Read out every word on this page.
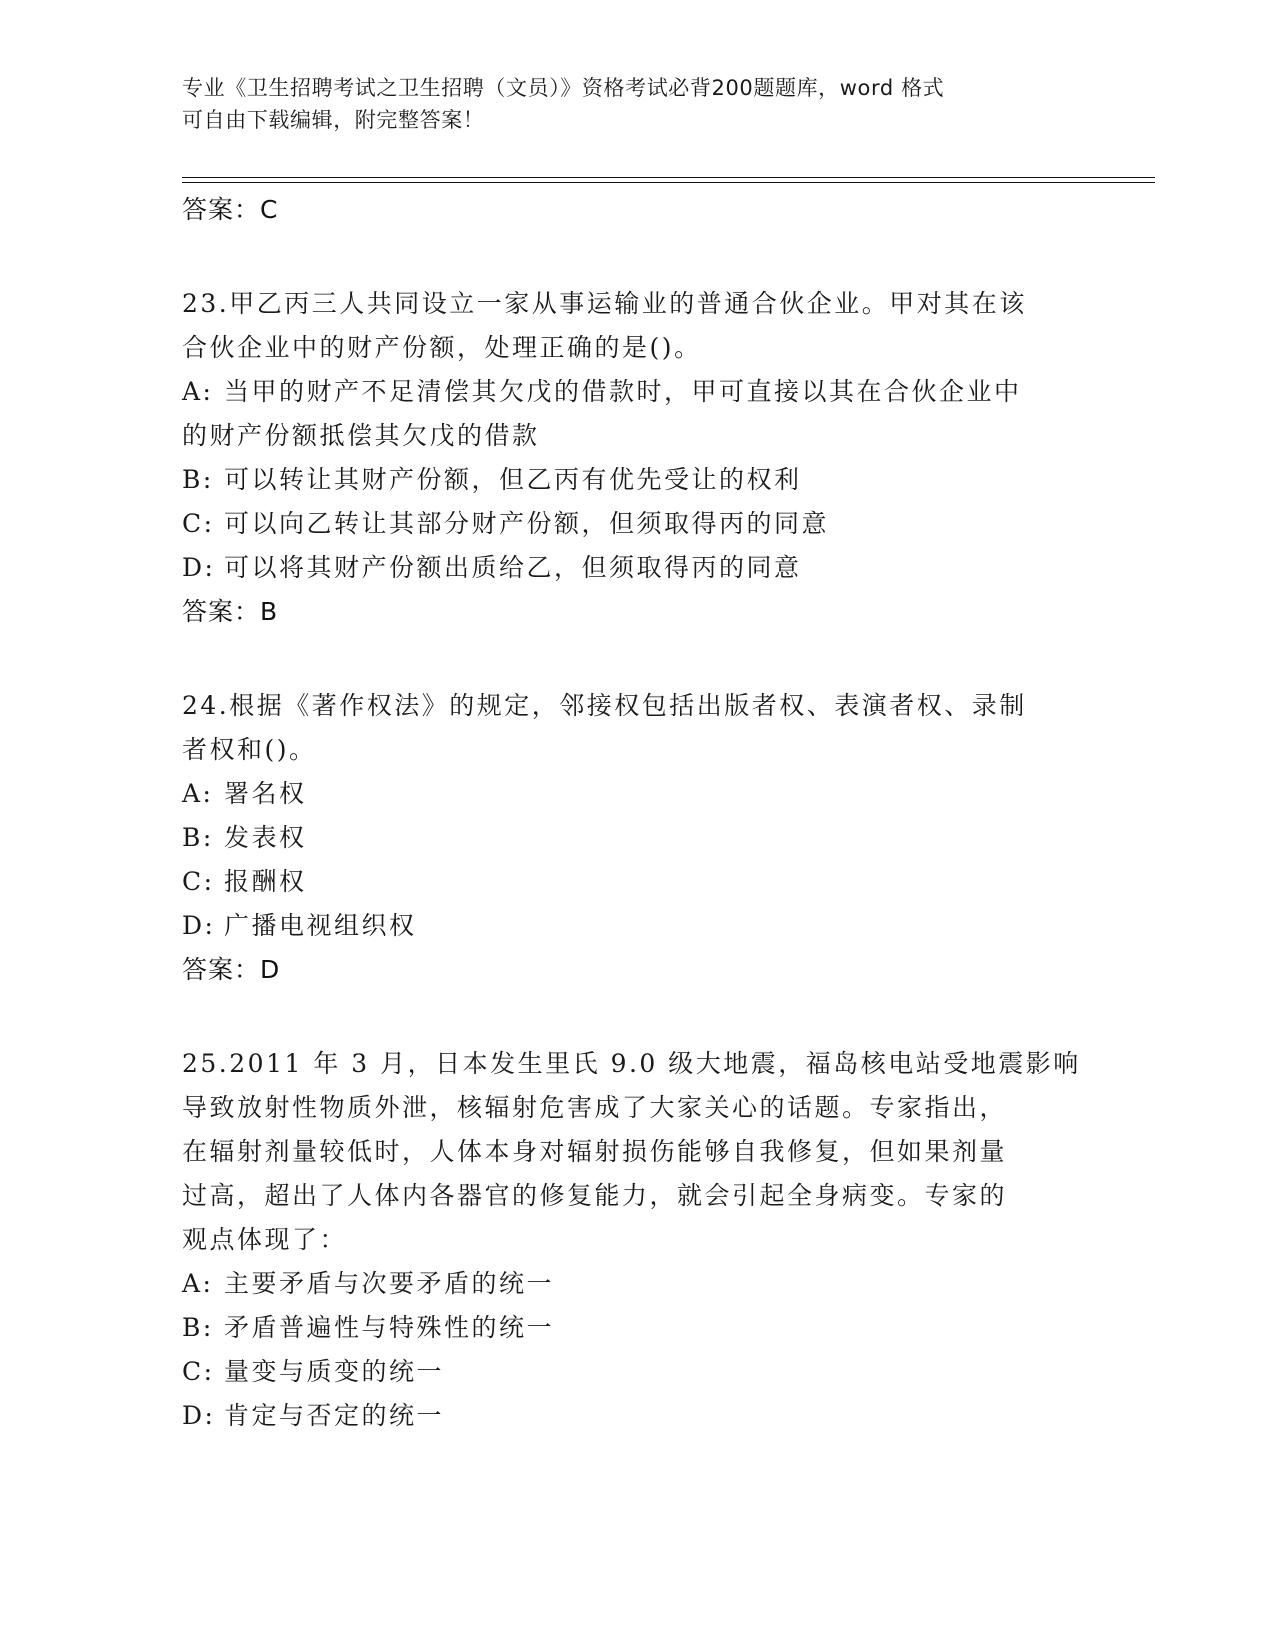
专业《卫生招聘考试之卫生招聘（文员）》资格考试必背200题题库，word 格式
可自由下载编辑，附完整答案！
答案：C
23.甲乙丙三人共同设立一家从事运输业的普通合伙企业。甲对其在该
合伙企业中的财产份额，处理正确的是()。
A: 当甲的财产不足清偿其欠戊的借款时，甲可直接以其在合伙企业中
的财产份额抵偿其欠戊的借款
B: 可以转让其财产份额，但乙丙有优先受让的权利
C: 可以向乙转让其部分财产份额，但须取得丙的同意
D: 可以将其财产份额出质给乙，但须取得丙的同意
答案：B
24.根据《著作权法》的规定，邻接权包括出版者权、表演者权、录制
者权和()。
A: 署名权
B: 发表权
C: 报酬权
D: 广播电视组织权
答案：D
25.2011 年 3 月，日本发生里氏 9.0 级大地震，福岛核电站受地震影响
导致放射性物质外泄，核辐射危害成了大家关心的话题。专家指出，
在辐射剂量较低时，人体本身对辐射损伤能够自我修复，但如果剂量
过高，超出了人体内各器官的修复能力，就会引起全身病变。专家的
观点体现了：
A: 主要矛盾与次要矛盾的统一
B: 矛盾普遍性与特殊性的统一
C: 量变与质变的统一
D: 肯定与否定的统一
